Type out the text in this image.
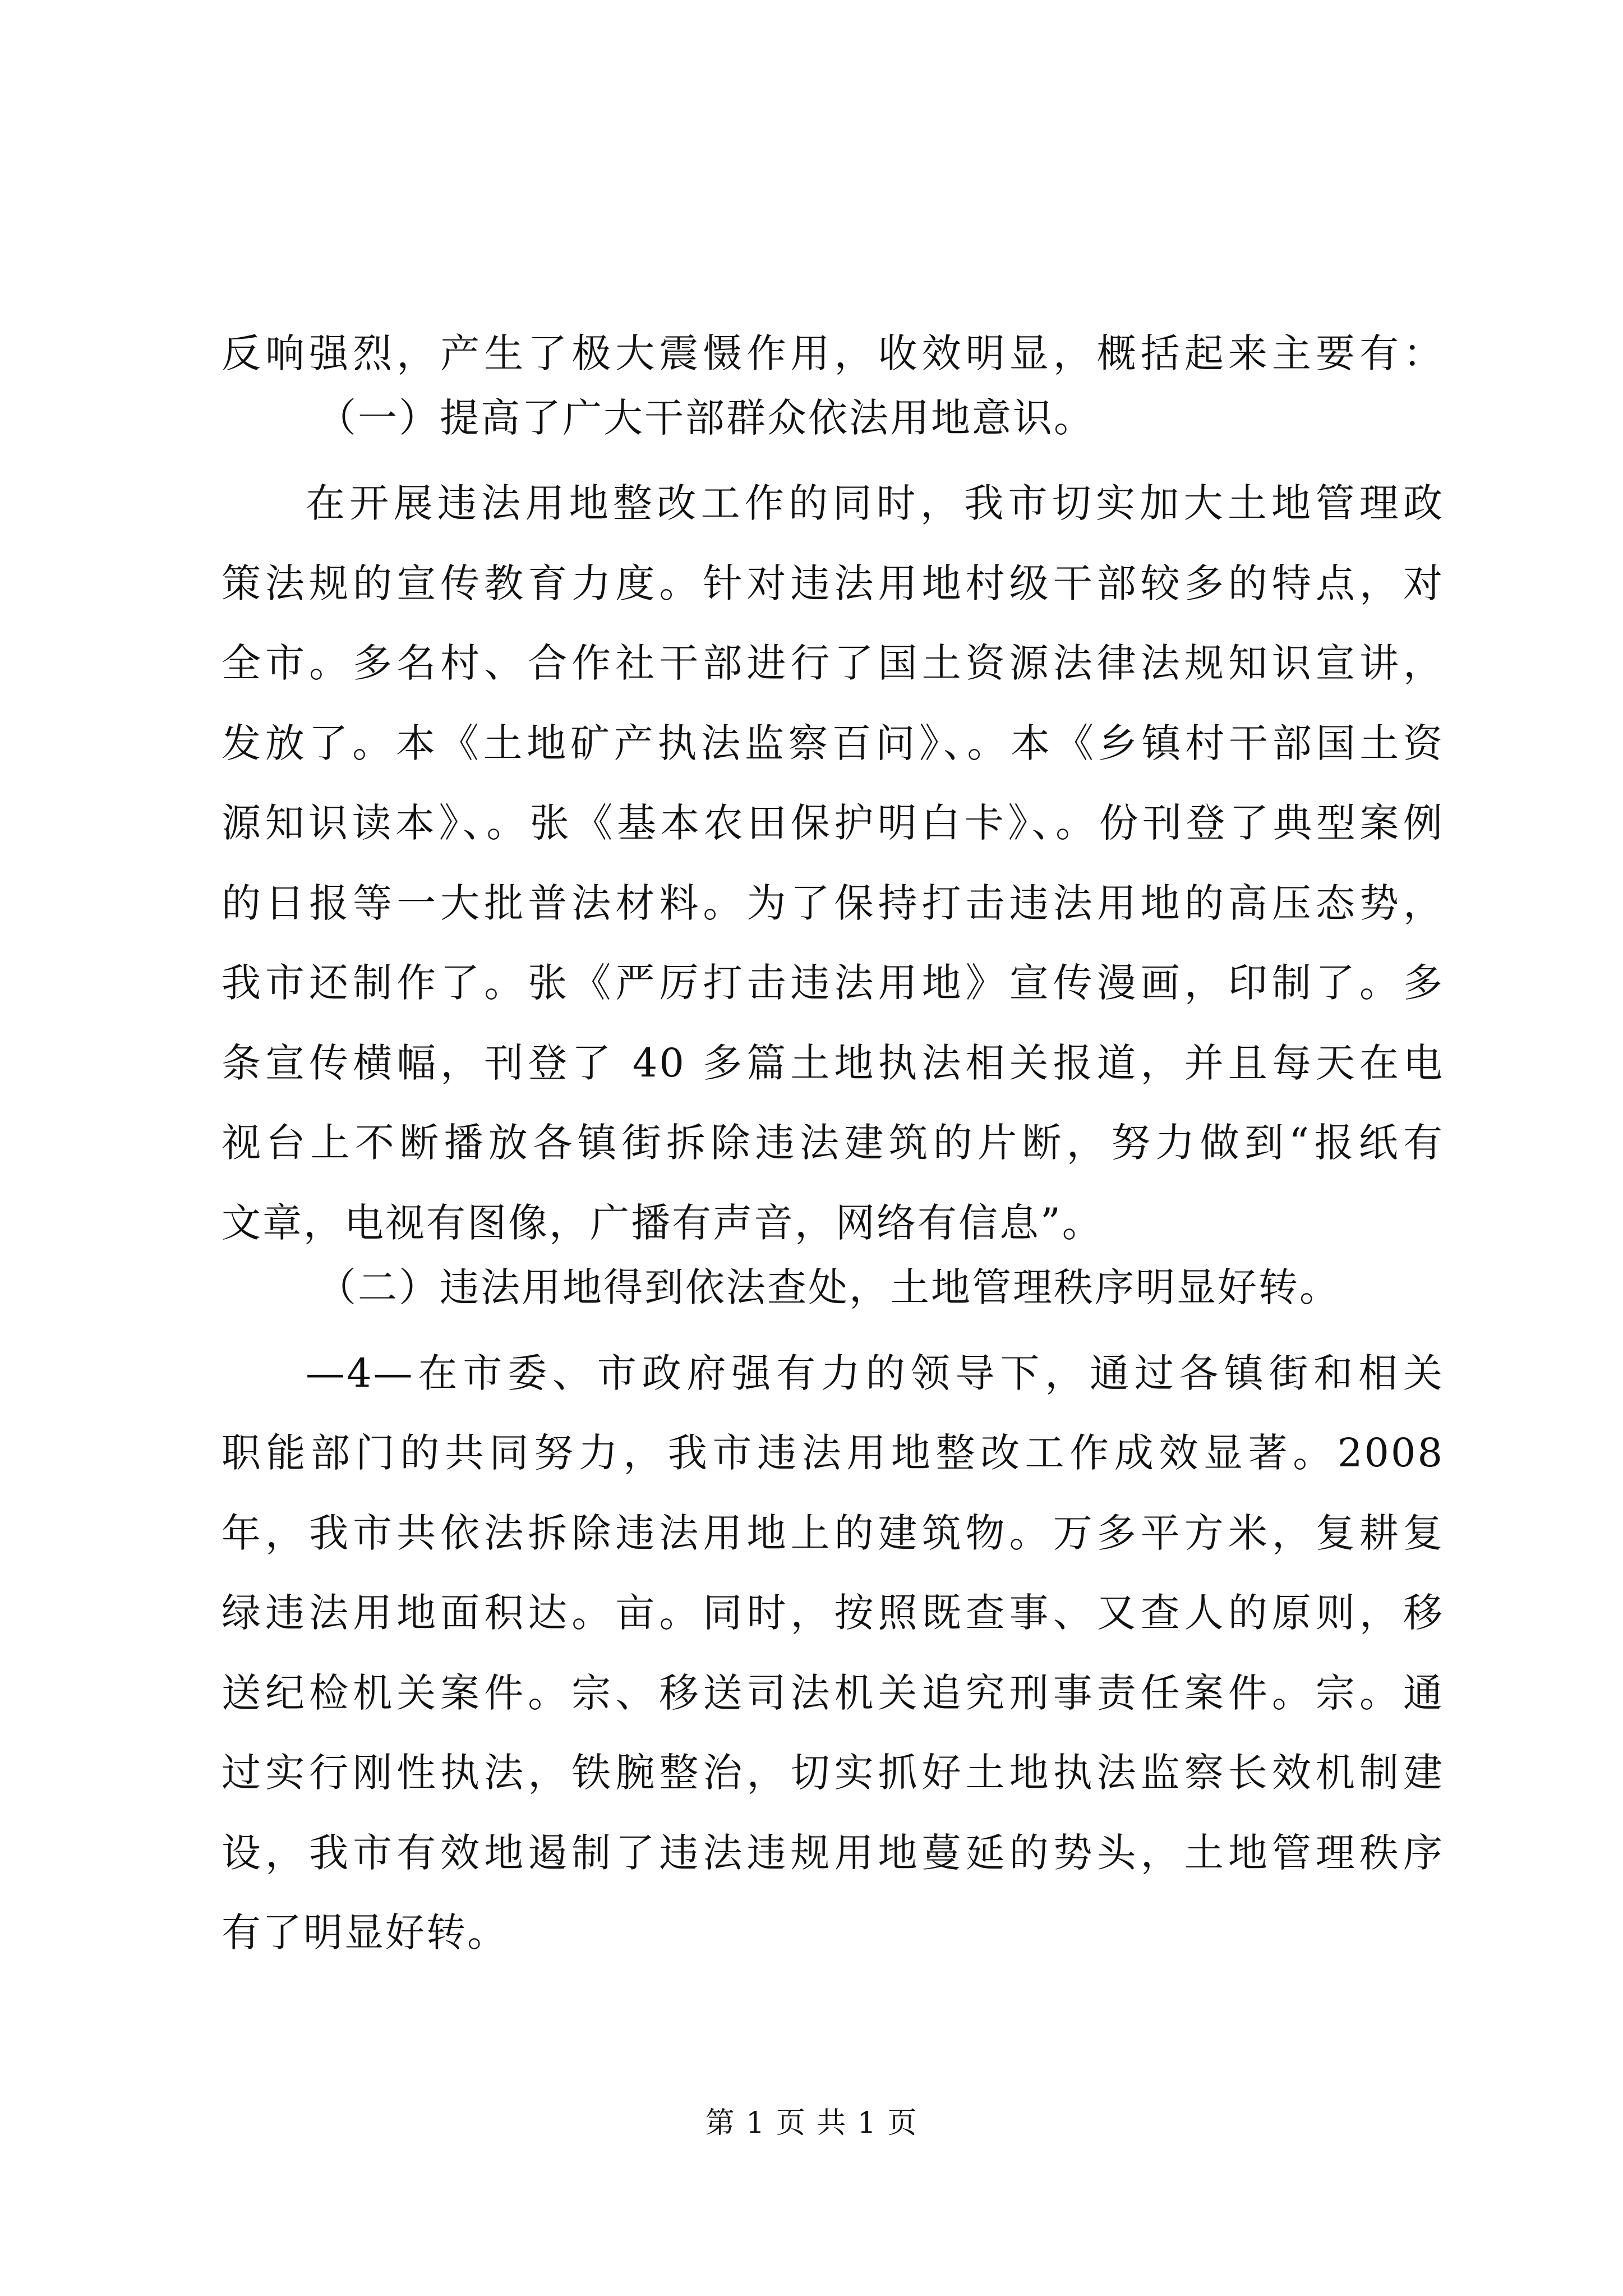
反响强烈，产生了极大震慑作用，收效明显，概括起来主要有：
（一）提高了广大干部群众依法用地意识。
在开展违法用地整改工作的同时，我市切实加大土地管理政
策法规的宣传教育力度。针对违法用地村级干部较多的特点，对
全市。多名村、合作社干部进行了国土资源法律法规知识宣讲，
发放了。本《土地矿产执法监察百问》、。本《乡镇村干部国土资
源知识读本》、。张《基本农田保护明白卡》、。份刊登了典型案例
的日报等一大批普法材料。为了保持打击违法用地的高压态势，
我市还制作了。张《严厉打击违法用地》宣传漫画，印制了。多
条宣传横幅，刊登了 40 多篇土地执法相关报道，并且每天在电
视台上不断播放各镇街拆除违法建筑的片断，努力做到“报纸有
文章，电视有图像，广播有声音，网络有信息”。
（二）违法用地得到依法查处，土地管理秩序明显好转。
—4—在市委、市政府强有力的领导下，通过各镇街和相关
职能部门的共同努力，我市违法用地整改工作成效显著。2008
年，我市共依法拆除违法用地上的建筑物。万多平方米，复耕复
绿违法用地面积达。亩。同时，按照既查事、又查人的原则，移
送纪检机关案件。宗、移送司法机关追究刑事责任案件。宗。通
过实行刚性执法，铁腕整治，切实抓好土地执法监察长效机制建
设，我市有效地遏制了违法违规用地蔓延的势头，土地管理秩序
有了明显好转。
第 1 页 共 1 页
